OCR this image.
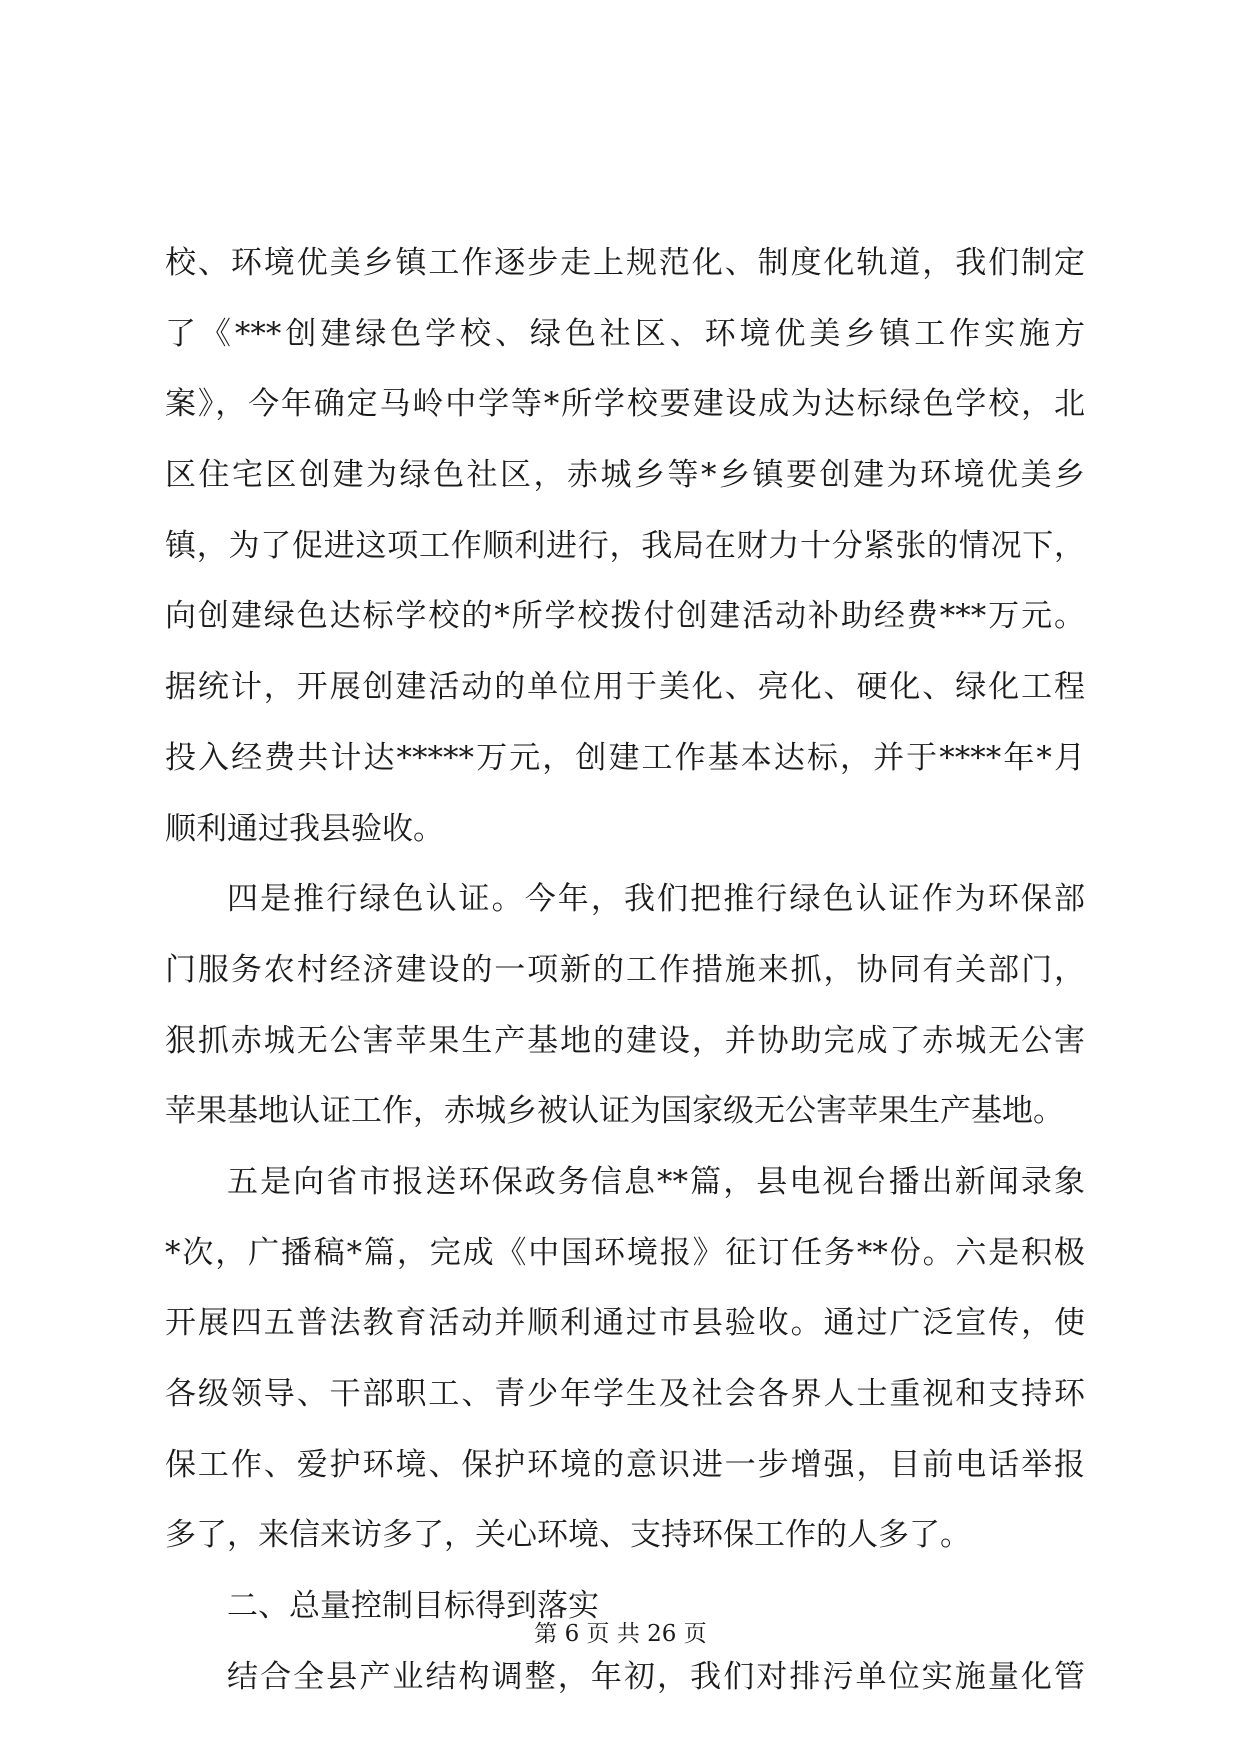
校、环境优美乡镇工作逐步走上规范化、制度化轨道，我们制定
了《***创建绿色学校、绿色社区、环境优美乡镇工作实施方
案》，今年确定马岭中学等*所学校要建设成为达标绿色学校，北
区住宅区创建为绿色社区，赤城乡等*乡镇要创建为环境优美乡
镇，为了促进这项工作顺利进行，我局在财力十分紧张的情况下，
向创建绿色达标学校的*所学校拨付创建活动补助经费***万元。
据统计，开展创建活动的单位用于美化、亮化、硬化、绿化工程
投入经费共计达*****万元，创建工作基本达标，并于****年*月
顺利通过我县验收。
四是推行绿色认证。今年，我们把推行绿色认证作为环保部
门服务农村经济建设的一项新的工作措施来抓，协同有关部门，
狠抓赤城无公害苹果生产基地的建设，并协助完成了赤城无公害
苹果基地认证工作，赤城乡被认证为国家级无公害苹果生产基地。
五是向省市报送环保政务信息**篇，县电视台播出新闻录象
*次，广播稿*篇，完成《中国环境报》征订任务**份。六是积极
开展四五普法教育活动并顺利通过市县验收。通过广泛宣传，使
各级领导、干部职工、青少年学生及社会各界人士重视和支持环
保工作、爱护环境、保护环境的意识进一步增强，目前电话举报
多了，来信来访多了，关心环境、支持环保工作的人多了。
二、总量控制目标得到落实
结合全县产业结构调整，年初，我们对排污单位实施量化管
第 6 页 共 26 页
